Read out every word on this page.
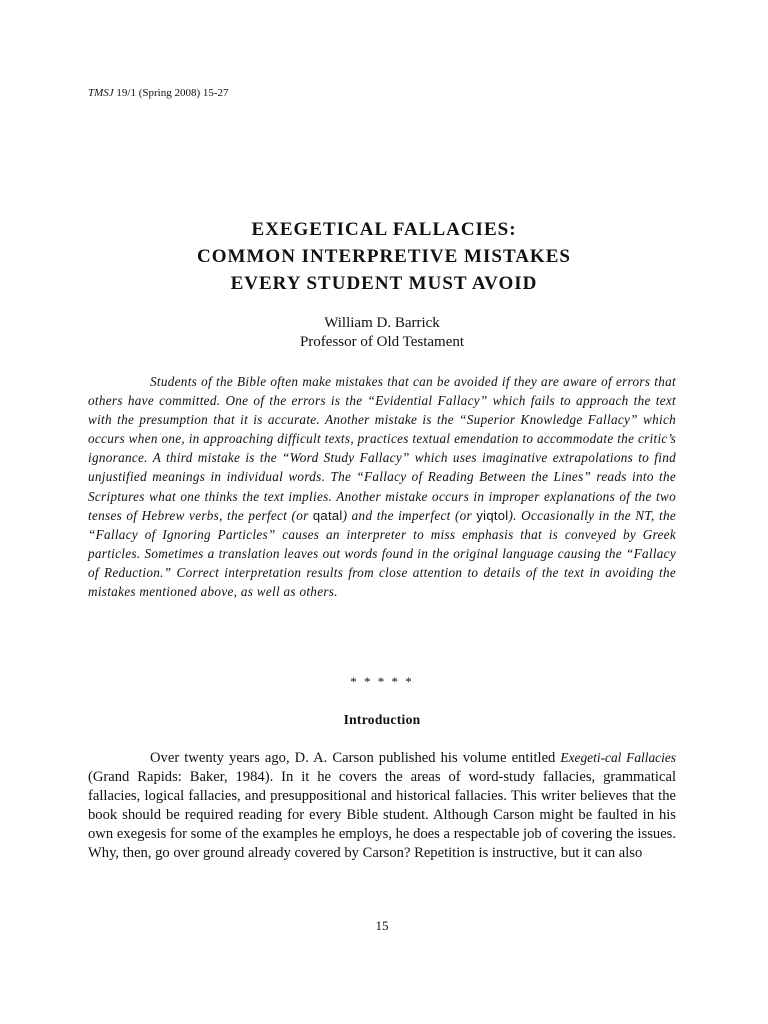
TMSJ 19/1 (Spring 2008) 15-27
EXEGETICAL FALLACIES:
COMMON INTERPRETIVE MISTAKES
EVERY STUDENT MUST AVOID
William D. Barrick
Professor of Old Testament

Students of the Bible often make mistakes that can be avoided if they are aware of errors that others have committed. One of the errors is the “Evidential Fallacy” which fails to approach the text with the presumption that it is accurate. Another mistake is the “Superior Knowledge Fallacy” which occurs when one, in approaching difficult texts, practices textual emendation to accommodate the critic’s ignorance. A third mistake is the “Word Study Fallacy” which uses imaginative extrapolations to find unjustified meanings in individual words. The “Fallacy of Reading Between the Lines” reads into the Scriptures what one thinks the text implies. Another mistake occurs in improper explanations of the two tenses of Hebrew verbs, the perfect (or qatal) and the imperfect (or yiqtol). Occasionally in the NT, the “Fallacy of Ignoring Particles” causes an interpreter to miss emphasis that is conveyed by Greek particles. Sometimes a translation leaves out words found in the original language causing the “Fallacy of Reduction.” Correct interpretation results from close attention to details of the text in avoiding the mistakes mentioned above, as well as others.

* * * * *
Introduction

Over twenty years ago, D. A. Carson published his volume entitled Exegeti-cal Fallacies (Grand Rapids: Baker, 1984). In it he covers the areas of word-study fallacies, grammatical fallacies, logical fallacies, and presuppositional and historical fallacies. This writer believes that the book should be required reading for every Bible student. Although Carson might be faulted in his own exegesis for some of the examples he employs, he does a respectable job of covering the issues. Why, then, go over ground already covered by Carson? Repetition is instructive, but it can also

15
